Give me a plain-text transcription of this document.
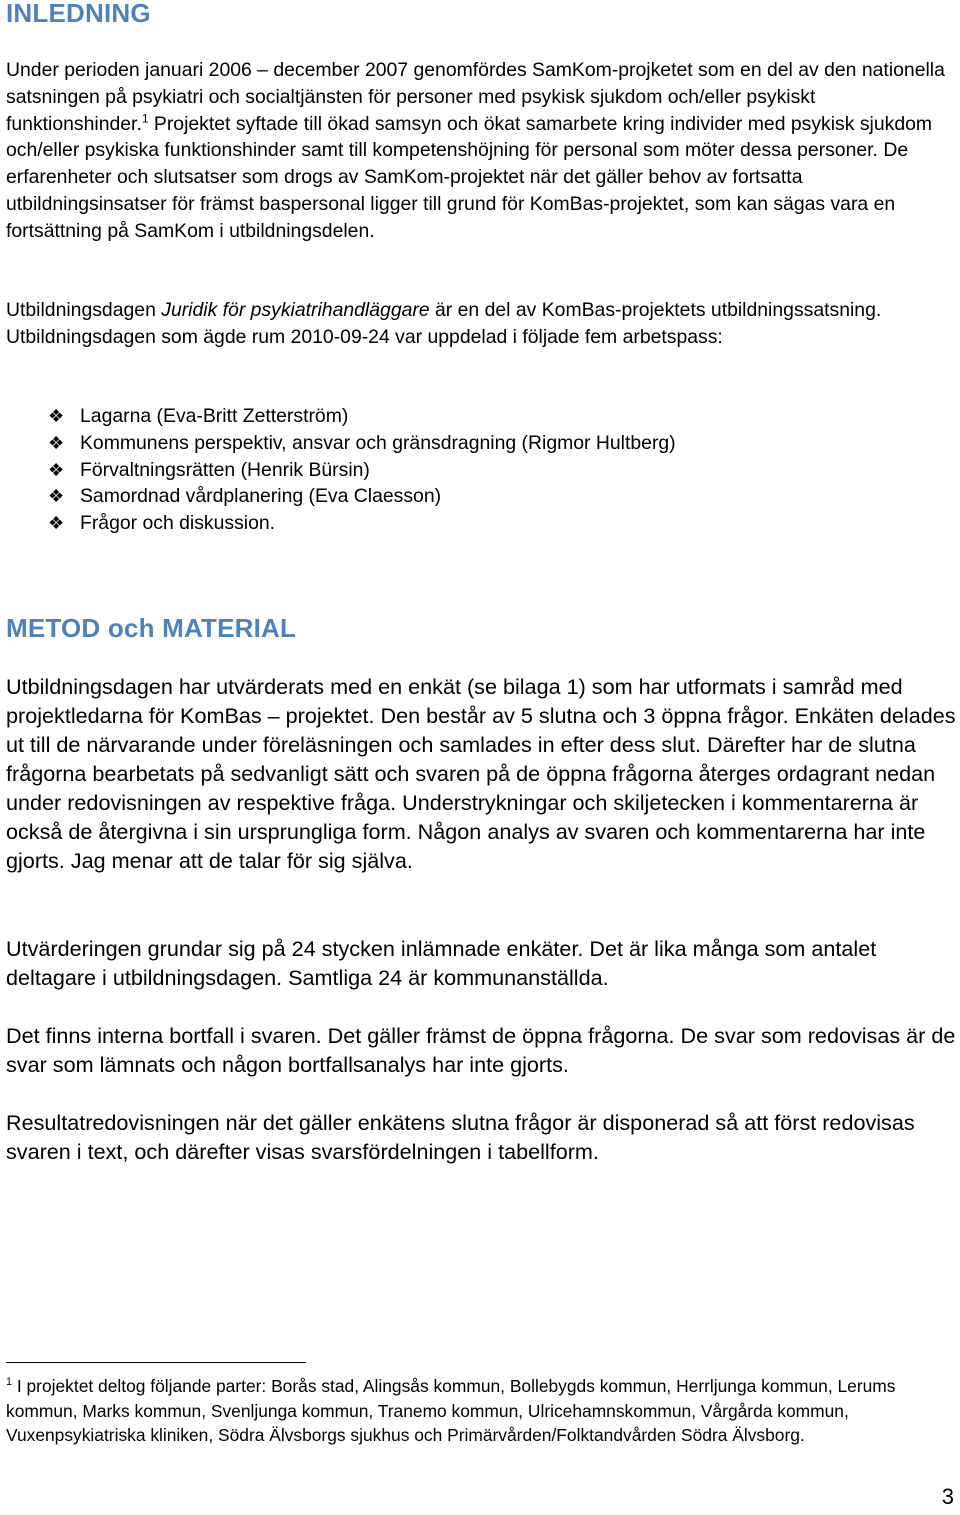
INLEDNING

Under perioden januari 2006 – december 2007 genomfördes SamKom-projketet som en del av den nationella satsningen på psykiatri och socialtjänsten för personer med psykisk sjukdom och/eller psykiskt funktionshinder.$^1$ Projektet syftade till ökad samsyn och ökat samarbete kring individer med psykisk sjukdom och/eller psykiska funktionshinder samt till kompetenshöjning för personal som möter dessa personer. De erfarenheter och slutsatser som drogs av SamKom-projektet när det gäller behov av fortsatta utbildningsinsatser för främst baspersonal ligger till grund för KomBas-projektet, som kan sägas vara en fortsättning på SamKom i utbildningsdelen.

Utbildningsdagen Juridik för psykiatrihandläggare är en del av KomBas-projektets utbildningssatsning. Utbildningsdagen som ägde rum 2010-09-24 var uppdelad i följade fem arbetspass:

❖ Lagarna (Eva-Britt Zetterström)
❖ Kommunens perspektiv, ansvar och gränsdragning (Rigmor Hultberg)
❖ Förvaltningsrätten (Henrik Bürsin)
❖ Samordnad vårdplanering (Eva Claesson)
❖ Frågor och diskussion.
METOD och MATERIAL

Utbildningsdagen har utvärderats med en enkät (se bilaga 1) som har utformats i samråd med projektledarna för KomBas – projektet. Den består av 5 slutna och 3 öppna frågor. Enkäten delades ut till de närvarande under föreläsningen och samlades in efter dess slut. Därefter har de slutna frågorna bearbetats på sedvanligt sätt och svaren på de öppna frågorna återges ordagrant nedan under redovisningen av respektive fråga. Understrykningar och skiljetecken i kommentarerna är också de återgivna i sin ursprungliga form. Någon analys av svaren och kommentarerna har inte gjorts. Jag menar att de talar för sig själva.

Utvärderingen grundar sig på 24 stycken inlämnade enkäter. Det är lika många som antalet deltagare i utbildningsdagen. Samtliga 24 är kommunanställda.

Det finns interna bortfall i svaren. Det gäller främst de öppna frågorna. De svar som redovisas är de svar som lämnats och någon bortfallsanalys har inte gjorts.

Resultatredovisningen när det gäller enkätens slutna frågor är disponerad så att först redovisas svaren i text, och därefter visas svarsfördelningen i tabellform.

$^1$ I projektet deltog följande parter: Borås stad, Alingsås kommun, Bollebygds kommun, Herrljunga kommun, Lerums kommun, Marks kommun, Svenljunga kommun, Tranemo kommun, Ulricehamnskommun, Vårgårda kommun, Vuxenpsykiatriska kliniken, Södra Älvsborgs sjukhus och Primärvården/Folktandvården Södra Älvsborg.

3
